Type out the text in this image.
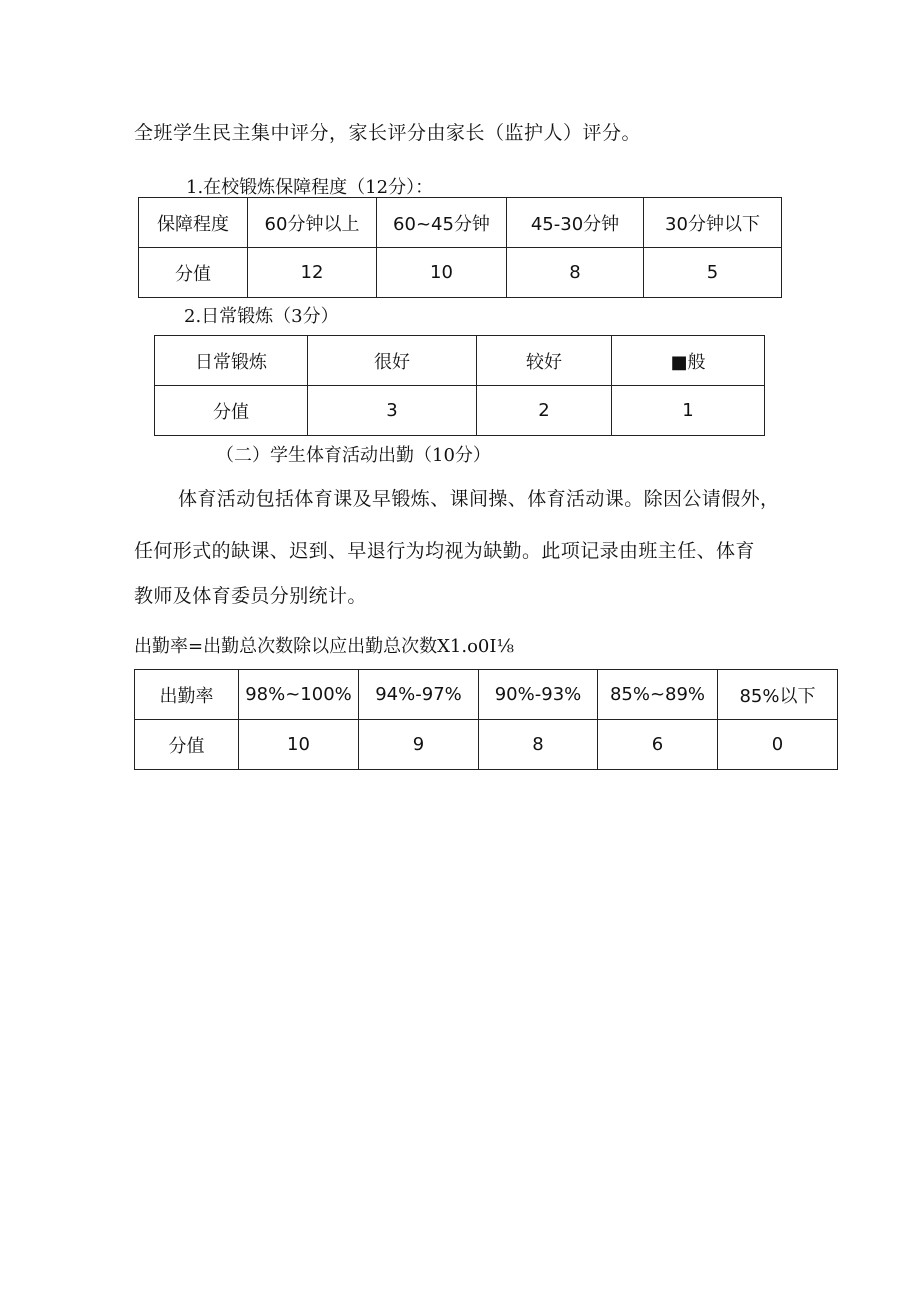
全班学生民主集中评分，家长评分由家长（监护人）评分。

1.在校锻炼保障程度（12分）：

保障程度	60分钟以上	60~45分钟	45-30分钟	30分钟以下
分值	12	10	8	5

2.日常锻炼（3分）

日常锻炼	很好	较好	■般
分值	3	2	1

（二）学生体育活动出勤（10分）

体育活动包括体育课及早锻炼、课间操、体育活动课。除因公请假外，

任何形式的缺课、迟到、早退行为均视为缺勤。此项记录由班主任、体育

教师及体育委员分别统计。

出勤率=出勤总次数除以应出勤总次数X1.o0I⅛

出勤率	98%~100%	94%-97%	90%-93%	85%~89%	85%以下
分值	10	9	8	6	0
